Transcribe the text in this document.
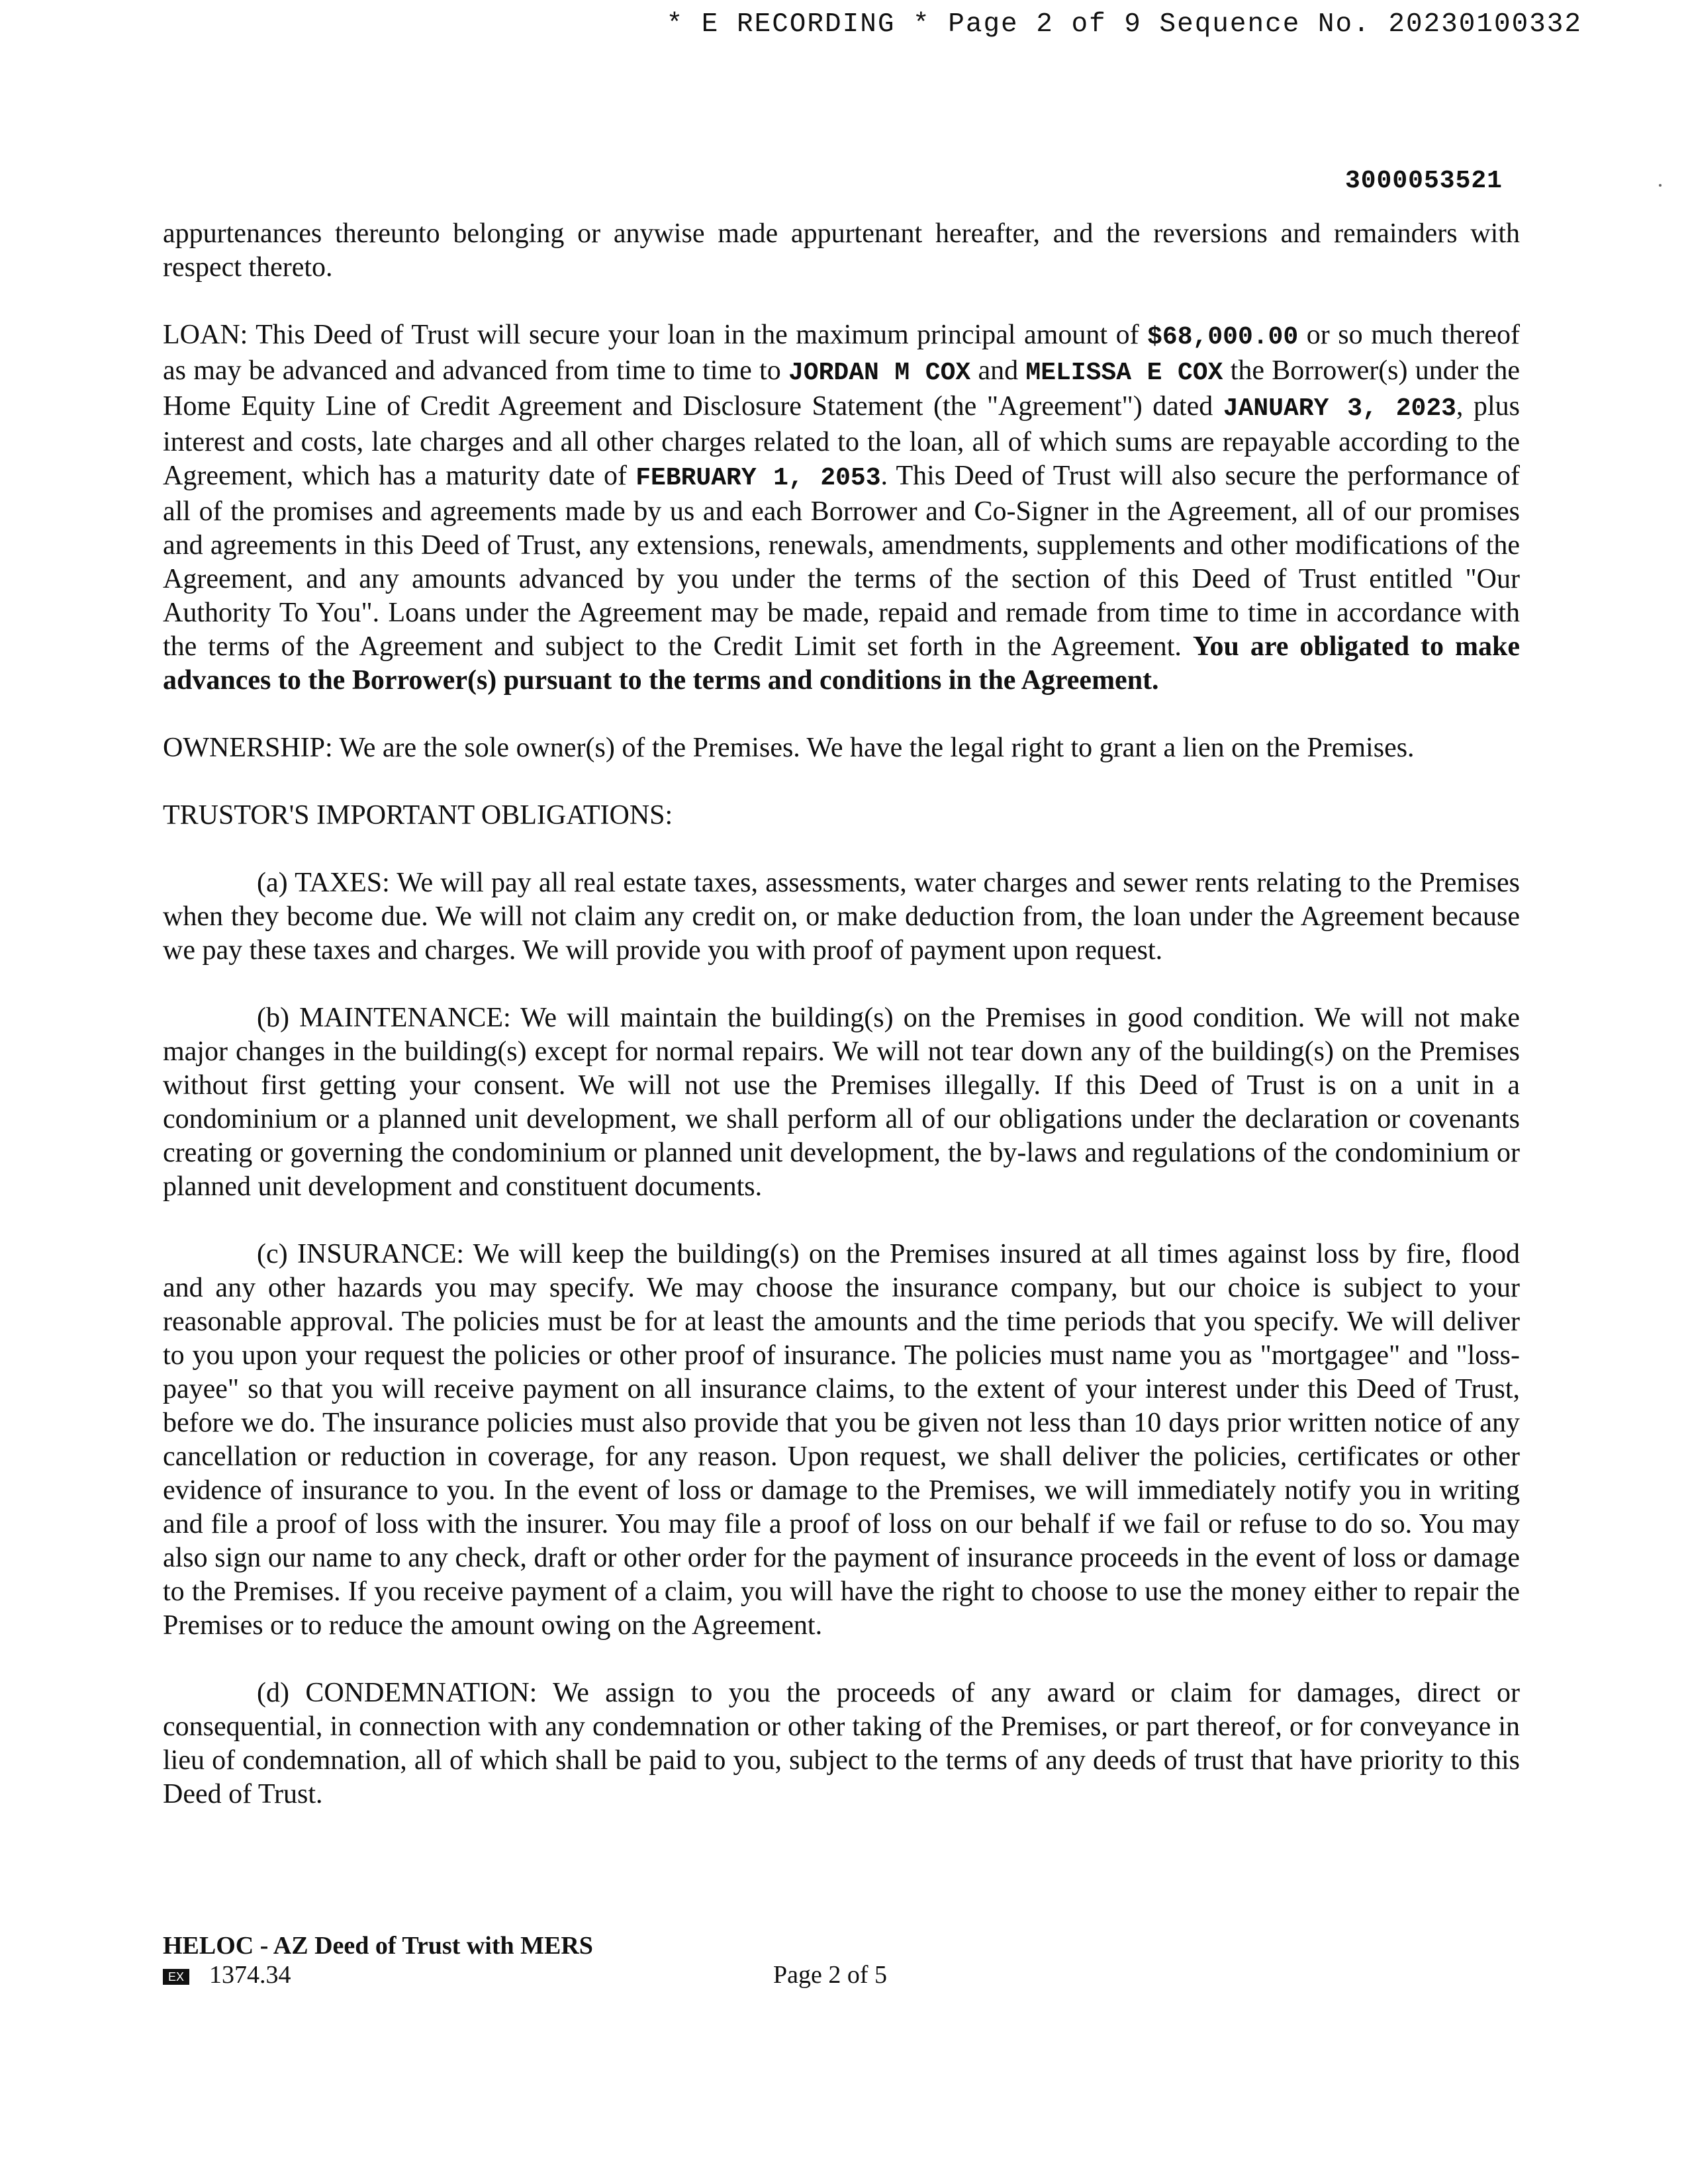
* E RECORDING * Page 2 of 9 Sequence No. 20230100332
3000053521

appurtenances thereunto belonging or anywise made appurtenant hereafter, and the reversions and remainders with respect thereto.

LOAN: This Deed of Trust will secure your loan in the maximum principal amount of $68,000.00 or so much thereof as may be advanced and advanced from time to time to JORDAN M COX and MELISSA E COX the Borrower(s) under the Home Equity Line of Credit Agreement and Disclosure Statement (the "Agreement") dated JANUARY 3, 2023, plus interest and costs, late charges and all other charges related to the loan, all of which sums are repayable according to the Agreement, which has a maturity date of FEBRUARY 1, 2053. This Deed of Trust will also secure the performance of all of the promises and agreements made by us and each Borrower and Co-Signer in the Agreement, all of our promises and agreements in this Deed of Trust, any extensions, renewals, amendments, supplements and other modifications of the Agreement, and any amounts advanced by you under the terms of the section of this Deed of Trust entitled "Our Authority To You". Loans under the Agreement may be made, repaid and remade from time to time in accordance with the terms of the Agreement and subject to the Credit Limit set forth in the Agreement. You are obligated to make advances to the Borrower(s) pursuant to the terms and conditions in the Agreement.

OWNERSHIP: We are the sole owner(s) of the Premises. We have the legal right to grant a lien on the Premises.

TRUSTOR'S IMPORTANT OBLIGATIONS:

(a) TAXES: We will pay all real estate taxes, assessments, water charges and sewer rents relating to the Premises when they become due. We will not claim any credit on, or make deduction from, the loan under the Agreement because we pay these taxes and charges. We will provide you with proof of payment upon request.

(b) MAINTENANCE: We will maintain the building(s) on the Premises in good condition. We will not make major changes in the building(s) except for normal repairs. We will not tear down any of the building(s) on the Premises without first getting your consent. We will not use the Premises illegally. If this Deed of Trust is on a unit in a condominium or a planned unit development, we shall perform all of our obligations under the declaration or covenants creating or governing the condominium or planned unit development, the by-laws and regulations of the condominium or planned unit development and constituent documents.

(c) INSURANCE: We will keep the building(s) on the Premises insured at all times against loss by fire, flood and any other hazards you may specify. We may choose the insurance company, but our choice is subject to your reasonable approval. The policies must be for at least the amounts and the time periods that you specify. We will deliver to you upon your request the policies or other proof of insurance. The policies must name you as "mortgagee" and "loss-payee" so that you will receive payment on all insurance claims, to the extent of your interest under this Deed of Trust, before we do. The insurance policies must also provide that you be given not less than 10 days prior written notice of any cancellation or reduction in coverage, for any reason. Upon request, we shall deliver the policies, certificates or other evidence of insurance to you. In the event of loss or damage to the Premises, we will immediately notify you in writing and file a proof of loss with the insurer. You may file a proof of loss on our behalf if we fail or refuse to do so. You may also sign our name to any check, draft or other order for the payment of insurance proceeds in the event of loss or damage to the Premises. If you receive payment of a claim, you will have the right to choose to use the money either to repair the Premises or to reduce the amount owing on the Agreement.

(d) CONDEMNATION: We assign to you the proceeds of any award or claim for damages, direct or consequential, in connection with any condemnation or other taking of the Premises, or part thereof, or for conveyance in lieu of condemnation, all of which shall be paid to you, subject to the terms of any deeds of trust that have priority to this Deed of Trust.

HELOC - AZ Deed of Trust with MERS
EX 1374.34	Page 2 of 5
